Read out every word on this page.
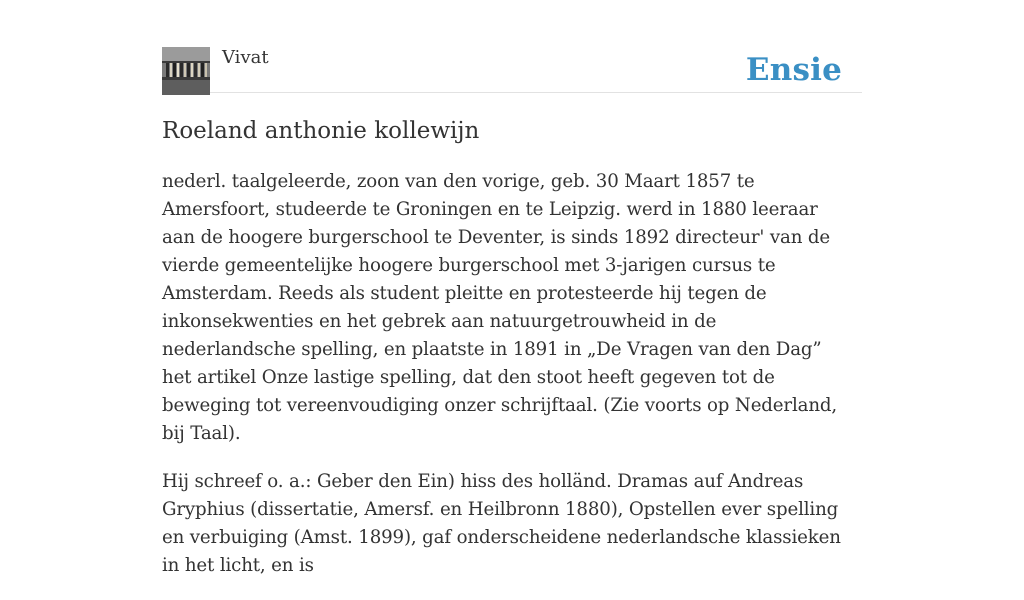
Vivat	Ensie
Roeland anthonie kollewijn

nederl. taalgeleerde, zoon van den vorige, geb. 30 Maart 1857 te Amersfoort, studeerde te Groningen en te Leipzig. werd in 1880 leeraar aan de hoogere burgerschool te Deventer, is sinds 1892 directeur' van de vierde gemeentelijke hoogere burgerschool met 3-jarigen cursus te Amsterdam. Reeds als student pleitte en protesteerde hij tegen de inkonsekwenties en het gebrek aan natuurgetrouwheid in de nederlandsche spelling, en plaatste in 1891 in „De Vragen van den Dag” het artikel Onze lastige spelling, dat den stoot heeft gegeven tot de beweging tot vereenvoudiging onzer schrijftaal. (Zie voorts op Nederland, bij Taal).

Hij schreef o. a.: Geber den Ein) hiss des holländ. Dramas auf Andreas Gryphius (dissertatie, Amersf. en Heilbronn 1880), Opstellen ever spelling en verbuiging (Amst. 1899), gaf onderscheidene nederlandsche klassieken in het licht, en is
